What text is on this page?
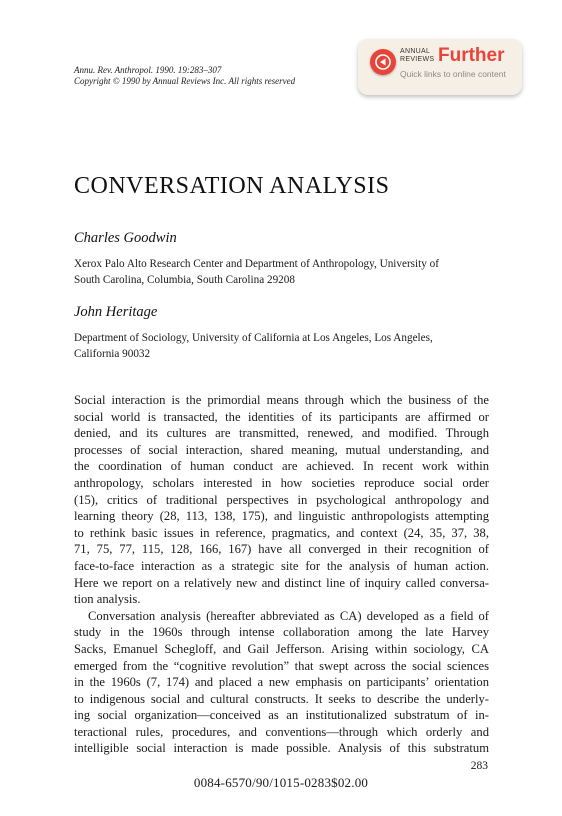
Annu. Rev. Anthropol. 1990. 19:283–307
Copyright © 1990 by Annual Reviews Inc. All rights reserved
ANNUAL
REVIEWS Further
Quick links to online content
CONVERSATION ANALYSIS
Charles Goodwin
Xerox Palo Alto Research Center and Department of Anthropology, University of
South Carolina, Columbia, South Carolina 29208
John Heritage
Department of Sociology, University of California at Los Angeles, Los Angeles,
California 90032
Social interaction is the primordial means through which the business of the
social world is transacted, the identities of its participants are affirmed or
denied, and its cultures are transmitted, renewed, and modified. Through
processes of social interaction, shared meaning, mutual understanding, and
the coordination of human conduct are achieved. In recent work within
anthropology, scholars interested in how societies reproduce social order
(15), critics of traditional perspectives in psychological anthropology and
learning theory (28, 113, 138, 175), and linguistic anthropologists attempting
to rethink basic issues in reference, pragmatics, and context (24, 35, 37, 38,
71, 75, 77, 115, 128, 166, 167) have all converged in their recognition of
face-to-face interaction as a strategic site for the analysis of human action.
Here we report on a relatively new and distinct line of inquiry called conversa-
tion analysis.
Conversation analysis (hereafter abbreviated as CA) developed as a field of
study in the 1960s through intense collaboration among the late Harvey
Sacks, Emanuel Schegloff, and Gail Jefferson. Arising within sociology, CA
emerged from the “cognitive revolution” that swept across the social sciences
in the 1960s (7, 174) and placed a new emphasis on participants’ orientation
to indigenous social and cultural constructs. It seeks to describe the underly-
ing social organization—conceived as an institutionalized substratum of in-
teractional rules, procedures, and conventions—through which orderly and
intelligible social interaction is made possible. Analysis of this substratum
283
0084-6570/90/1015-0283$02.00
